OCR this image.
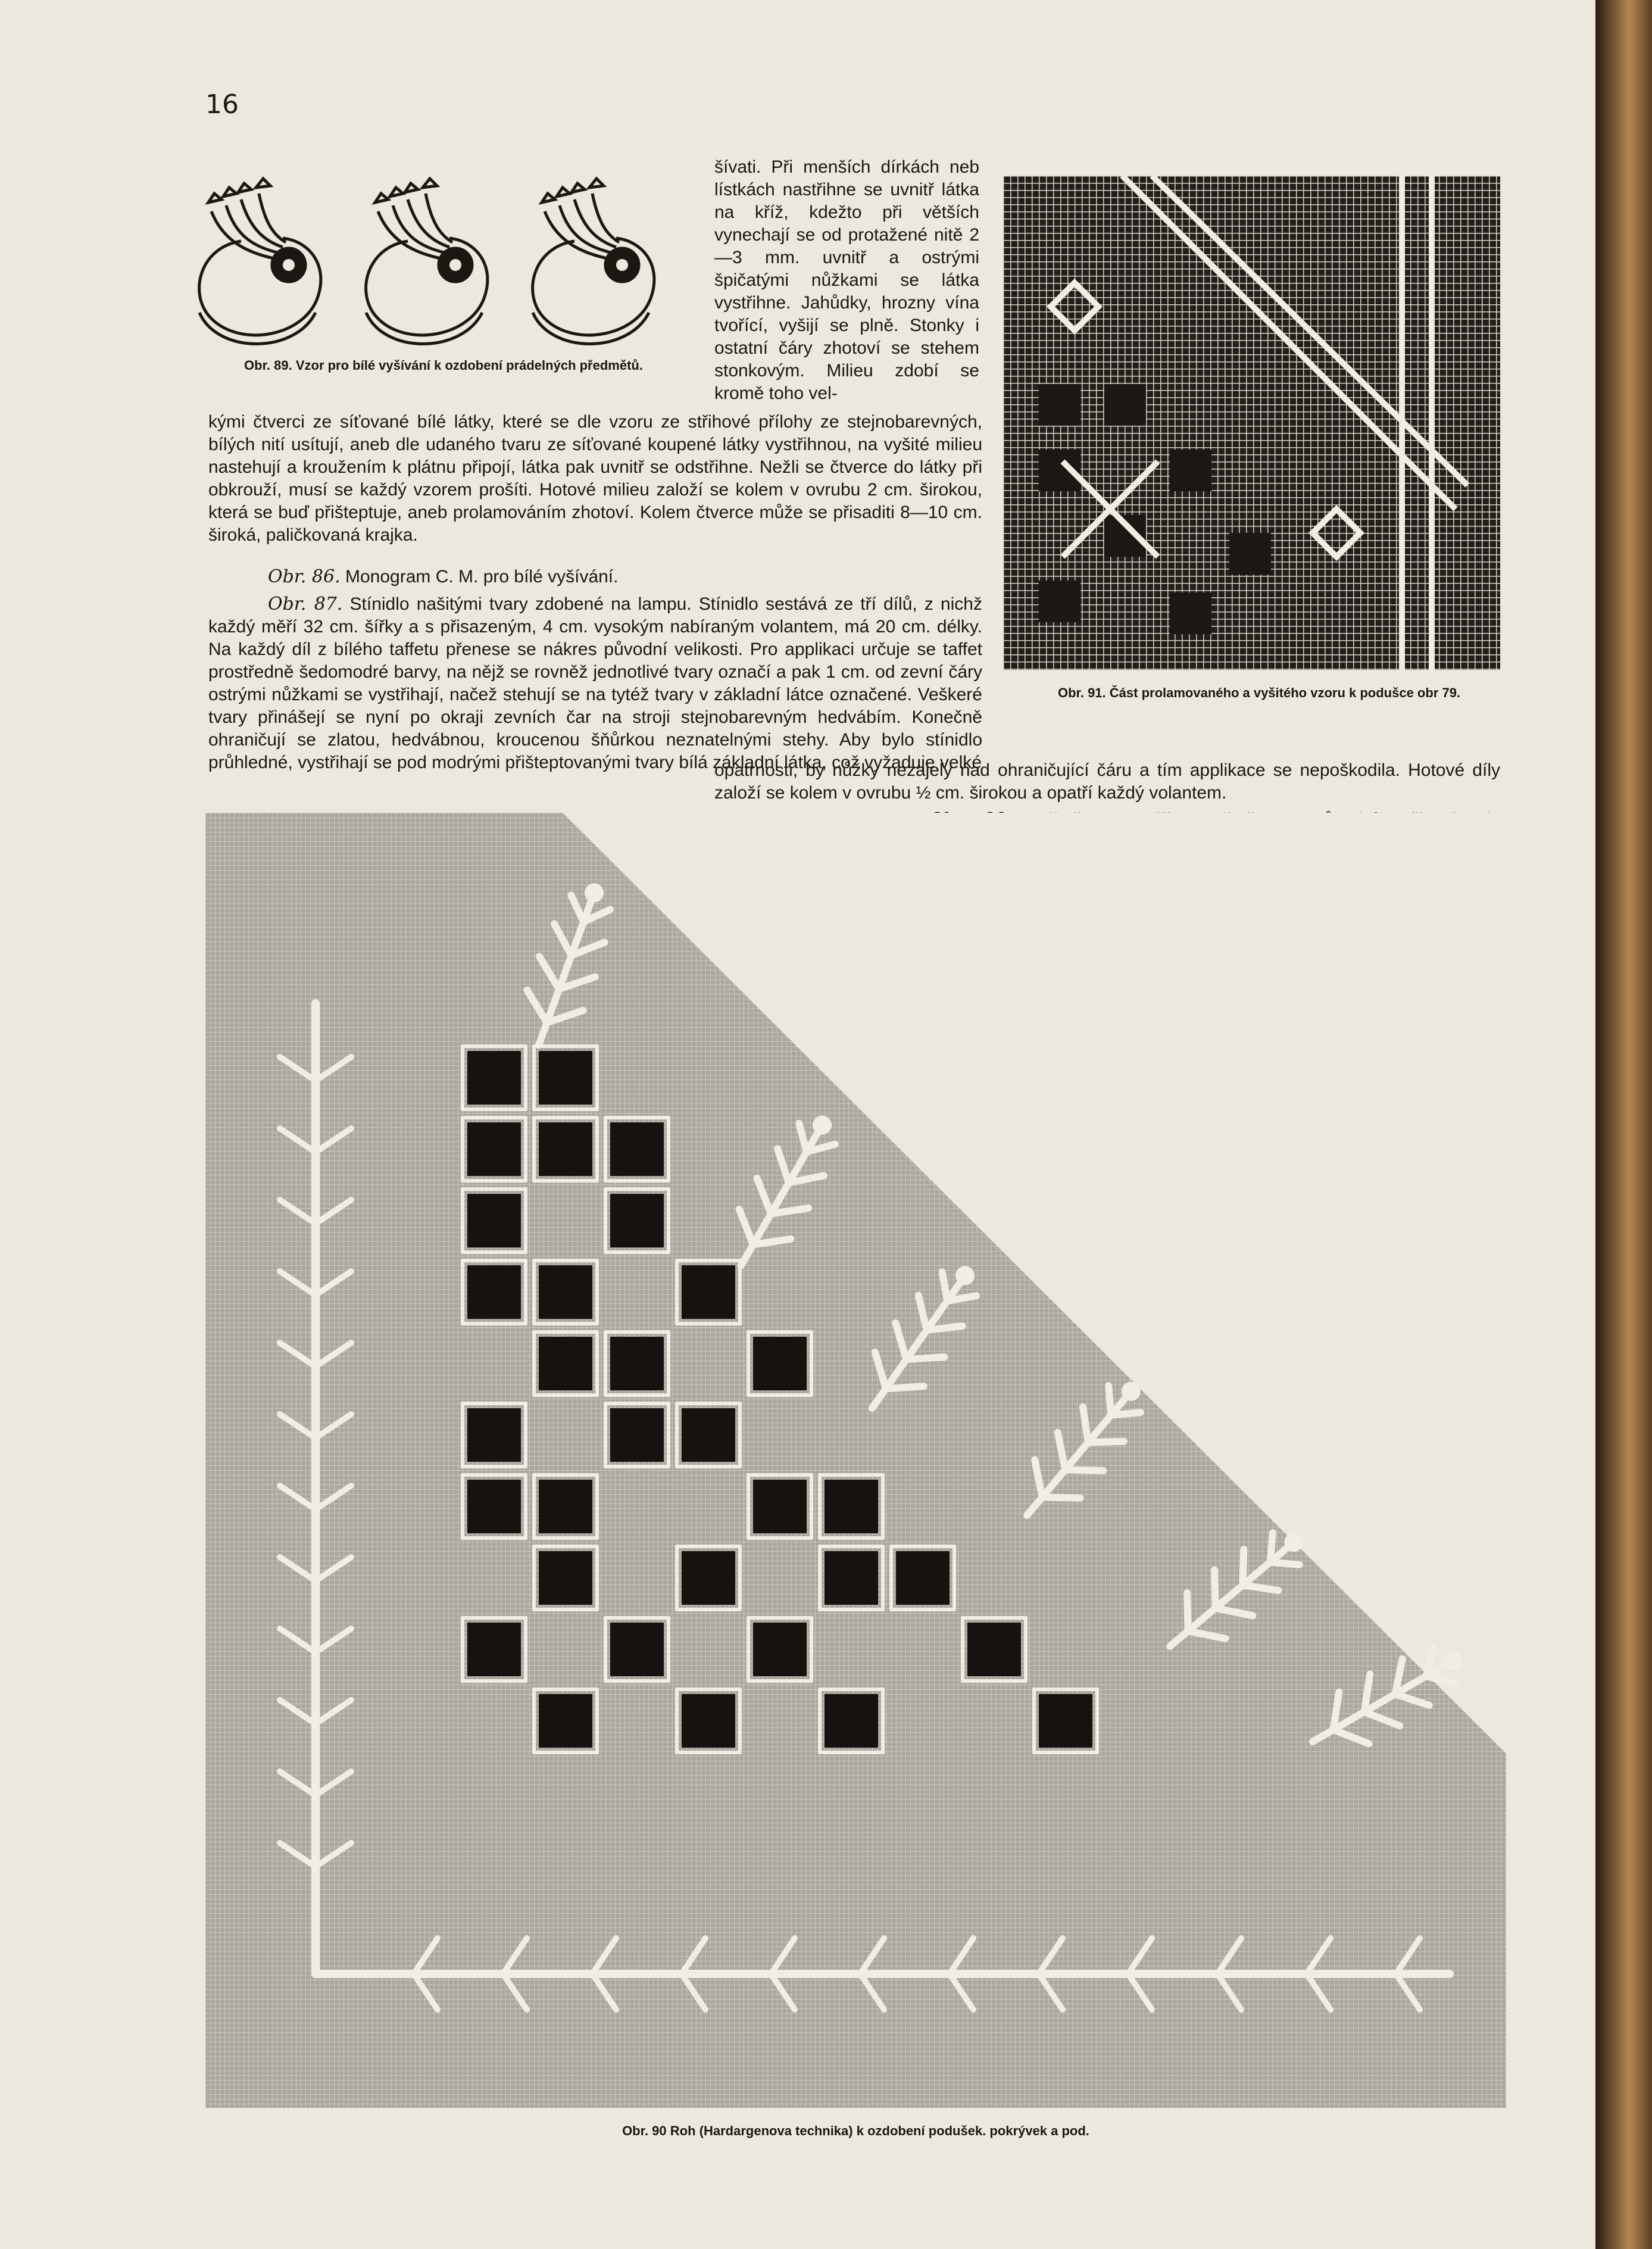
16
Obr. 89. Vzor pro bílé vyšívání k ozdobení prádelných předmětů.
šívati. Při menších dírkách neb lístkách nastřihne se uvnitř látka na kříž, kdežto při větších vynechají se od protažené nitě 2—3 mm. uvnitř a ostrými špičatými nůžkami se látka vystřihne. Jahůdky, hrozny vína tvořící, vyšijí se plně. Stonky i ostatní čáry zhotoví se stehem stonkovým. Milieu zdobí se kromě toho vel-
Obr. 91. Část prolamovaného a vyšitého vzoru k podušce obr 79.
kými čtverci ze síťované bílé látky, které se dle vzoru ze střihové přílohy ze stejnobarevných, bílých nití usítují, aneb dle udaného tvaru ze síťované koupené látky vystřihnou, na vyšité milieu nastehují a kroužením k plátnu připojí, látka pak uvnitř se odstřihne. Nežli se čtverce do látky při obkrouží, musí se každý vzorem prošíti. Hotové milieu založí se kolem v ovrubu 2 cm. širokou, která se buď přišteptuje, aneb prolamováním zhotoví. Kolem čtverce může se přisaditi 8—10 cm. široká, paličkovaná krajka.
Obr. 86. Monogram C. M. pro bílé vyšívání.
Obr. 87. Stínidlo našitými tvary zdobené na lampu. Stínidlo sestává ze tří dílů, z nichž každý měří 32 cm. šířky a s přisazeným, 4 cm. vysokým nabíraným volantem, má 20 cm. délky. Na každý díl z bílého taffetu přenese se nákres původní velikosti. Pro applikaci určuje se taffet prostředně šedomodré barvy, na nějž se rovněž jednotlivé tvary označí a pak 1 cm. od zevní čáry ostrými nůžkami se vystřihají, načež stehují se na tytéž tvary v základní látce označené. Veškeré tvary přinášejí se nyní po okraji zevních čar na stroji stejnobarevným hedvábím. Konečně ohraničují se zlatou, hedvábnou, kroucenou šňůrkou neznatelnými stehy. Aby bylo stínidlo průhledné, vystřihají se pod modrými přišteptovanými tvary bílá základní látka, což vyžaduje velké
opatrnosti, by nůžky nezajely nad ohraničující čáru a tím applikace se nepoškodila. Hotové díly založí se kolem v ovrubu ½ cm. širokou a opatří každý volantem.

Obr. 90 Roh (Hardargenova technika) k ozdobení podušek. pokrývek a pod.
